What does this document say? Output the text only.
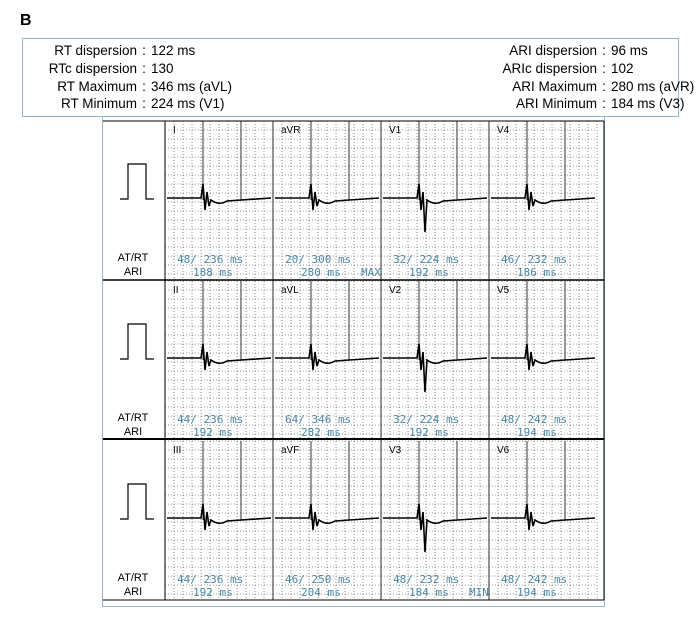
B
RT dispersion : 122 ms
RTc dispersion : 130
RT Maximum : 346 ms (aVL)
RT Minimum : 224 ms (V1)
ARI dispersion : 96 ms
ARIc dispersion : 102
ARI Maximum : 280 ms (aVR)
ARI Minimum : 184 ms (V3)
AT/RT
ARI
I
48/ 236 ms
188 ms
aVR
20/ 300 ms
280 ms MAX
V1
32/ 224 ms
192 ms
V4
46/ 232 ms
186 ms
AT/RT
ARI
II
44/ 236 ms
192 ms
aVL
64/ 346 ms
282 ms
V2
32/ 224 ms
192 ms
V5
48/ 242 ms
194 ms
AT/RT
ARI
III
44/ 236 ms
192 ms
aVF
46/ 250 ms
204 ms
V3
48/ 232 ms
184 ms MIN
V6
48/ 242 ms
194 ms
